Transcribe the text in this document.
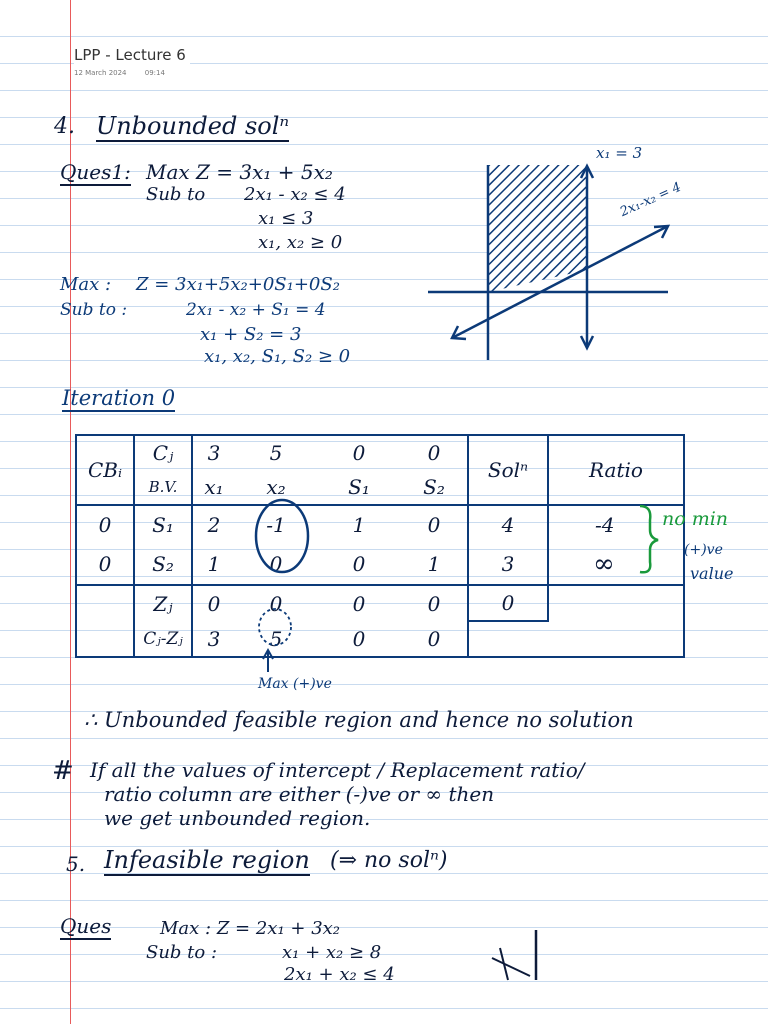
LPP - Lecture 6
12 March 2024	09:14
4. Unbounded solⁿ
Ques1: Max Z = 3x₁ + 5x₂
Sub to 2x₁ - x₂ ≤ 4
x₁ ≤ 3
x₁, x₂ ≥ 0
Max : Z = 3x₁+5x₂+0S₁+0S₂
Sub to :	2x₁ - x₂ + S₁ = 4
x₁ + S₂ = 3
x₁, x₂, S₁, S₂ ≥ 0
x₁ = 3
2x₁-x₂ = 4
Iteration 0
CBᵢ	Cⱼ	3	5	0	0	Solⁿ	Ratio
	B.V.	x₁	x₂	S₁	S₂		
0	S₁	2	-1	1	0	4	-4
0	S₂	1	0	0	1	3	∞
	Zⱼ	0	0	0	0	0	
	Cⱼ-Zⱼ	3	5	0	0		
no min
(+)ve
value
Max (+)ve
∴ Unbounded feasible region and hence no solution
# If all the values of intercept / Replacement ratio/
ratio column are either (-)ve or ∞ then
we get unbounded region.
5. Infeasible region (⇒ no solⁿ)
Ques	Max : Z = 2x₁ + 3x₂
Sub to :	x₁ + x₂ ≥ 8
2x₁ + x₂ ≤ 4
